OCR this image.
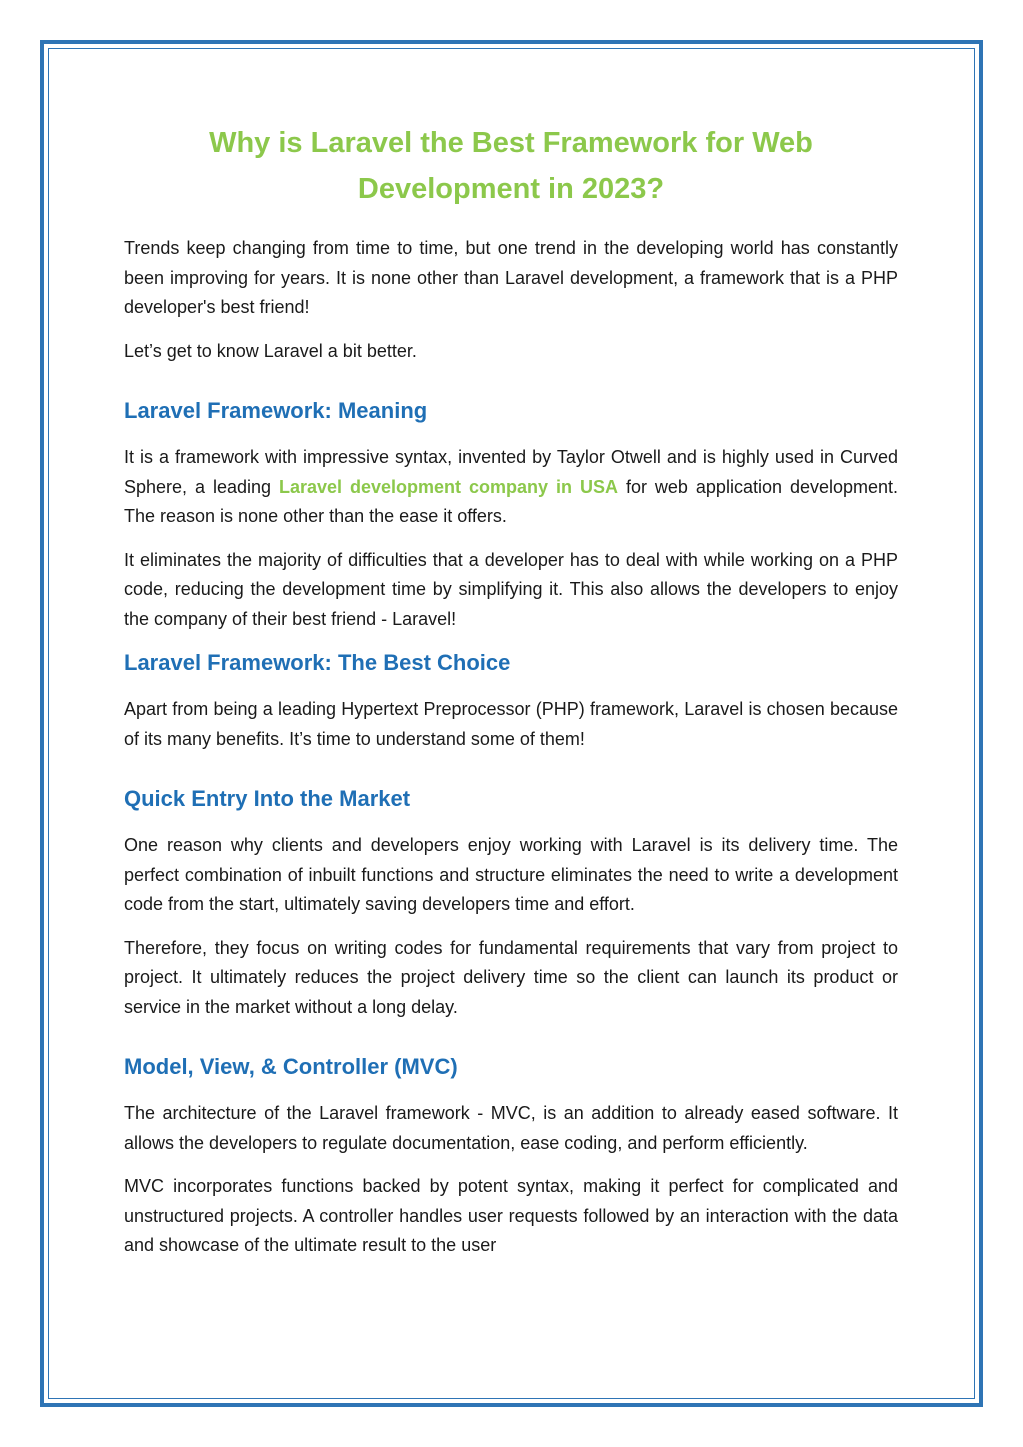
Why is Laravel the Best Framework for Web Development in 2023?

Trends keep changing from time to time, but one trend in the developing world has constantly been improving for years. It is none other than Laravel development, a framework that is a PHP developer's best friend!

Let’s get to know Laravel a bit better.

Laravel Framework: Meaning

It is a framework with impressive syntax, invented by Taylor Otwell and is highly used in Curved Sphere, a leading Laravel development company in USA for web application development. The reason is none other than the ease it offers.

It eliminates the majority of difficulties that a developer has to deal with while working on a PHP code, reducing the development time by simplifying it. This also allows the developers to enjoy the company of their best friend - Laravel!

Laravel Framework: The Best Choice

Apart from being a leading Hypertext Preprocessor (PHP) framework, Laravel is chosen because of its many benefits. It’s time to understand some of them!

Quick Entry Into the Market

One reason why clients and developers enjoy working with Laravel is its delivery time. The perfect combination of inbuilt functions and structure eliminates the need to write a development code from the start, ultimately saving developers time and effort.

Therefore, they focus on writing codes for fundamental requirements that vary from project to project. It ultimately reduces the project delivery time so the client can launch its product or service in the market without a long delay.

Model, View, & Controller (MVC)

The architecture of the Laravel framework - MVC, is an addition to already eased software. It allows the developers to regulate documentation, ease coding, and perform efficiently.

MVC incorporates functions backed by potent syntax, making it perfect for complicated and unstructured projects. A controller handles user requests followed by an interaction with the data and showcase of the ultimate result to the user
